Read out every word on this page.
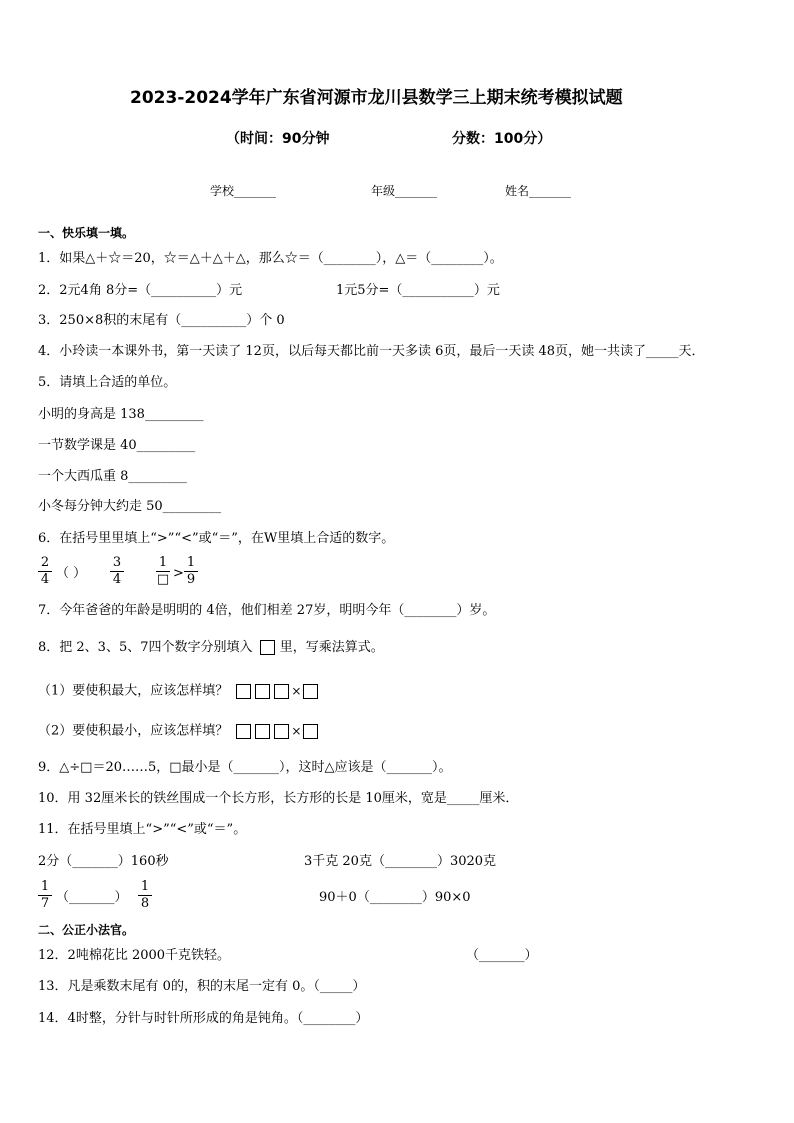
2023-2024学年广东省河源市龙川县数学三上期末统考模拟试题
（时间：90分钟	分数：100分）
学校_______	年级_______	姓名_______
一、快乐填一填。
1．如果△＋☆＝20，☆＝△＋△＋△，那么☆＝（________），△＝（________）。
2．2元4角 8分=（__________）元	1元5分=（___________）元
3．250×8积的末尾有（__________）个 0
4．小玲读一本课外书，第一天读了 12页，以后每天都比前一天多读 6页，最后一天读 48页，她一共读了_____天．
5．请填上合适的单位。
小明的身高是 138_________
一节数学课是 40_________
一个大西瓜重 8_________
小冬每分钟大约走 50_________
6．在括号里里填上“>”“<”或“＝”，在W里填上合适的数字。
2
4 （ ）
3
4
1
□ >
1
9
7．今年爸爸的年龄是明明的 4倍，他们相差 27岁，明明今年（________）岁。
8．把 2、3、5、7四个数字分别填入 里，写乘法算式。
（1）要使积最大，应该怎样填？	×
（2）要使积最小，应该怎样填？	×
9．△÷□＝20……5，□最小是（_______），这时△应该是（_______）。
10．用 32厘米长的铁丝围成一个长方形，长方形的长是 10厘米，宽是_____厘米．
11．在括号里填上“>”“<”或“＝”。
2分（_______）160秒	3千克 20克（________）3020克
1
7 （_______）
1
8	90＋0（________）90×0
二、公正小法官。
12．2吨棉花比 2000千克铁轻。	（_______）
13．凡是乘数末尾有 0的，积的末尾一定有 0。（_____）
14．4时整，分针与时针所形成的角是钝角。（________）
